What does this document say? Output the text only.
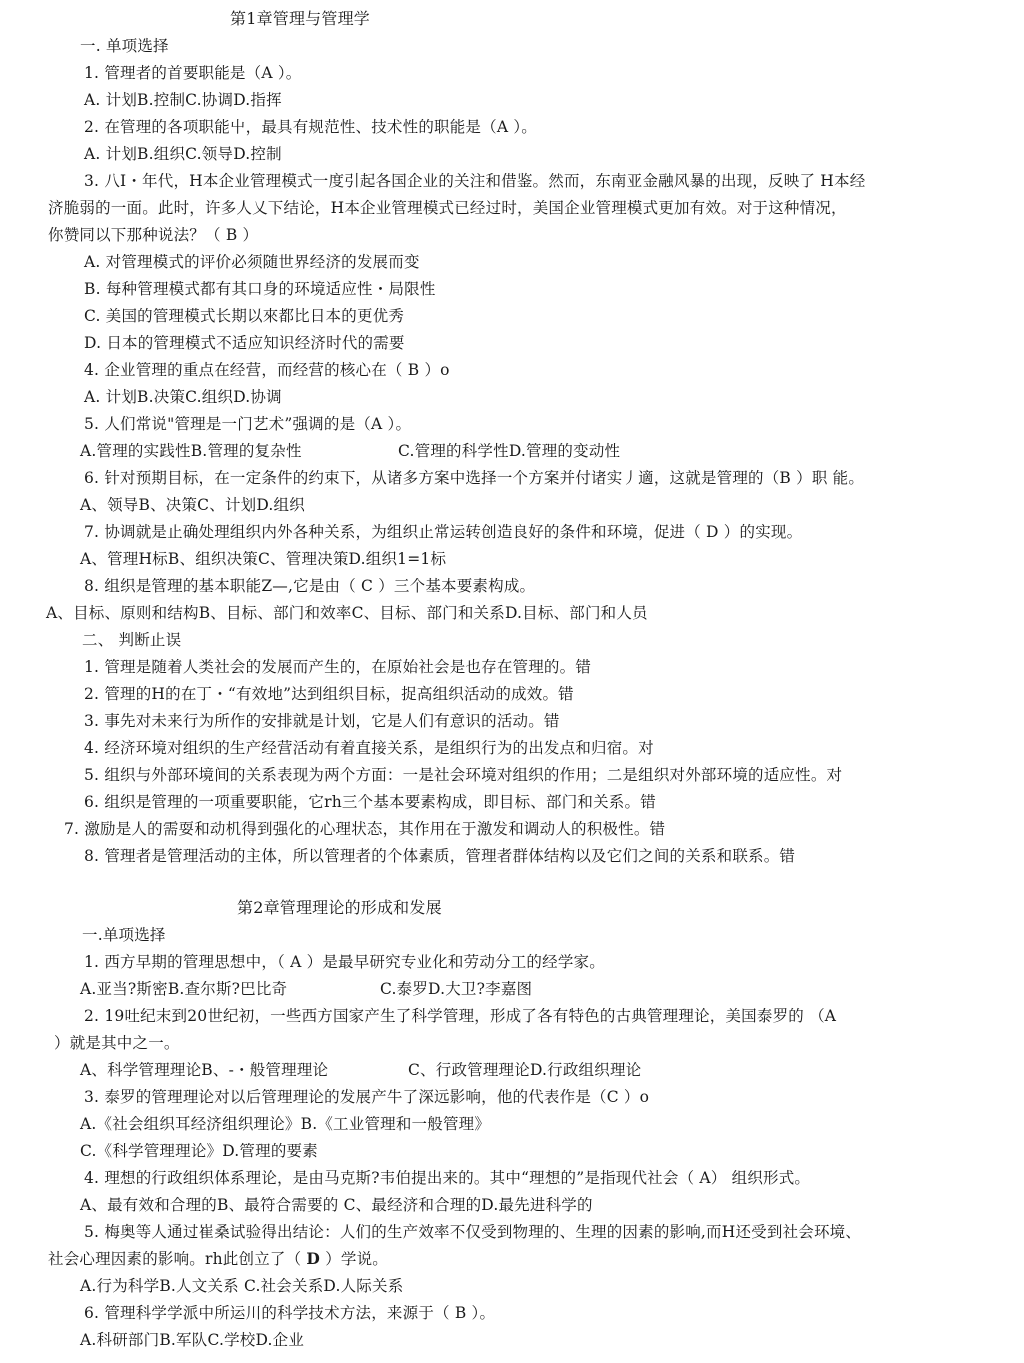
第1章管理与管理学
一. 单项选择
1. 管理者的首要职能是（A ）。
A. 计划B.控制C.协调D.指挥
2. 在管理的各项职能屮，最具有规范性、技术性的职能是（A ）。
A. 计划B.组织C.领导D.控制
3. 八I・年代，H本企业管理模式一度引起各国企业的关注和借鉴。然而，东南亚金融风暴的出现，反映了 H本经
济脆弱的一面。此时，许多人乂下结论，H本企业管理模式已经过时，美国企业管理模式更加有效。对于这种情况，
你赞同以下那种说法？（ B ）
A. 对管理模式的评价必须随世界经济的发展而变
B. 每种管理模式都有其口身的环境适应性・局限性
C. 美国的管理模式长期以來都比日本的更优秀
D. 日本的管理模式不适应知识经济时代的需要
4. 企业管理的重点在经营，而经营的核心在（ B ）o
A. 计划B.决策C.组织D.协调
5. 人们常说"管理是一门艺术”强调的是（A ）。
A.管理的实践性B.管理的复杂性	C.管理的科学性D.管理的变动性
6. 针对预期目标，在一定条件的约束下，从诸多方案中选择一个方案并付诸实丿適，这就是管理的（B ）职 能。
A、领导B、决策C、计划D.组织
7. 协调就是止确处理组织内外各种关系，为组织止常运转创造良好的条件和环境，促进（ D ）的实现。
A、管理H标B、组织决策C、管理决策D.组织1=1标
8. 组织是管理的基本职能Z—,它是由（ C ）三个基本要素构成。
A、目标、原则和结构B、目标、部门和效率C、目标、部门和关系D.目标、部门和人员
二、 判断止误
1. 管理是随着人类社会的发展而产生的，在原始社会是也存在管理的。错
2. 管理的H的在丁・“有效地”达到组织目标，捉高组织活动的成效。错
3. 事先对未来行为所作的安排就是计划，它是人们有意识的活动。错
4. 经济环境对组织的生产经营活动有着直接关系，是组织行为的出发点和归宿。对
5. 组织与外部环境间的关系表现为两个方面：一是社会环境对组织的作用；二是组织对外部环境的适应性。对
6. 组织是管理的一项重要职能，它rh三个基本要素构成，即目标、部门和关系。错
7. 激励是人的需耍和动机得到强化的心理状态，其作用在于激发和调动人的积极性。错
8. 管理者是管理活动的主体，所以管理者的个体素质，管理者群体结构以及它们之间的关系和联系。错
第2章管理理论的形成和发展
一.单项选择
1. 西方早期的管理思想中，（ A ）是最早研究专业化和劳动分工的经学家。
A.亚当?斯密B.查尔斯?巴比奇	C.泰罗D.大卫?李嘉图
2. 19吐纪末到20世纪初，一些西方国家产生了科学管理，形成了各有特色的古典管理理论，美国泰罗的 （A
）就是其中之一。
A、科学管理理论B、-・般管理理论	C、行政管理理论D.行政组织理论
3. 泰罗的管理理论对以后管理理论的发展产牛了深远影响，他的代表作是（C ）o
A.《社会组织耳经济组织理论》B.《工业管理和一般管理》
C.《科学管理理论》D.管理的要素
4. 理想的行政组织体系理论，是由马克斯?韦伯提出来的。其中“理想的”是指现代社会（ A） 组织形式。
A、最有效和合理的B、最符合需要的 C、最经济和合理的D.最先进科学的
5. 梅奥等人通过崔桑试验得出结论：人们的生产效率不仅受到物理的、生理的因素的影响,而H还受到社会环境、
社会心理因素的影响。rh此创立了（ D ）学说。
A.行为科学B.人文关系 C.社会关系D.人际关系
6. 管理科学学派中所运川的科学技术方法，来源于（ B ）。
A.科研部门B.军队C.学校D.企业
